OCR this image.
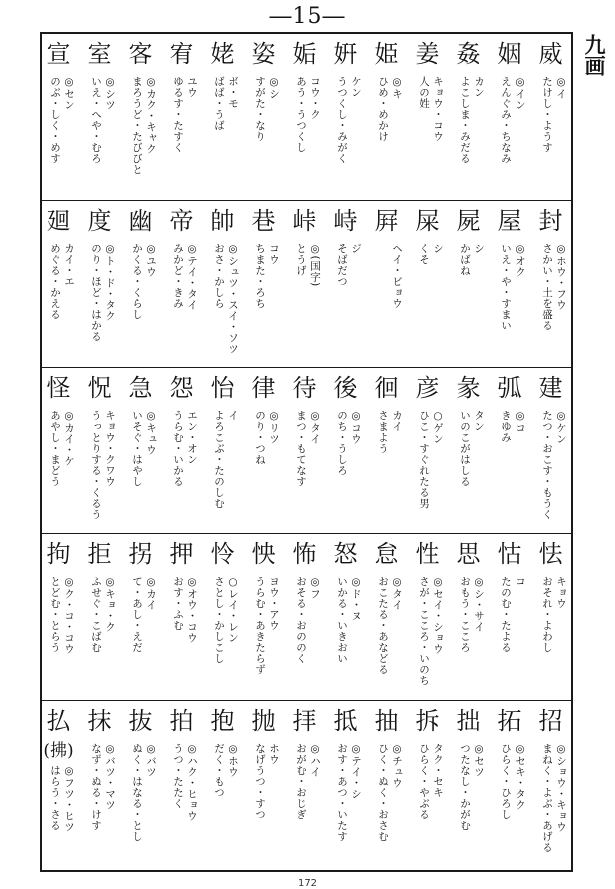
―15―
九画
威
◎イ
たけし・ようす
姻
◎イン
えんぐみ・ちなみ
姦
カン
よこしま・みだる
姜
キョウ・コウ
人の姓
姫
◎キ
ひめ・めかけ
姸
ケン
うつくし・みがく
姤
コウ・ク
あう・うつくし
姿
◎シ
すがた・なり
姥
ボ・モ
ばば・うば
宥
ユウ
ゆるす・たすく
客
◎カク・キャク
まろうど・たびびと
室
◎シツ
いえ・へや・むろ
宣
◎セン
のぶ・しく・めす
封
◎ホウ・フウ
さかい・土を盛る
屋
◎オク
いえ・や・すまい
屍
シ
かばね
屎
シ
くそ
屛
ヘイ・ビョウ
峙
ジ
そばだつ
峠
◎(国字)
とうげ
巷
コウ
ちまた・ろち
帥
◎シュツ・スイ・ソツ
おさ・かしら
帝
◎テイ・タイ
みかど・きみ
幽
◎ユウ
かくる・くらし
度
◎ト・ド・タク
のり・ほど・はかる
廻
カイ・エ
めぐる・かえる
建
◎ケン
たつ・おこす・もうく
弧
◎コ
きゆみ
彖
タン
いのこがはしる
彦
○ゲン
ひこ・すぐれたる男
徊
カイ
さまよう
後
◎コウ
のち・うしろ
待
◎タイ
まつ・もてなす
律
◎リツ
のり・つね
怡
イ
よろこぶ・たのしむ
怨
エン・オン
うらむ・いかる
急
◎キュウ
いそぐ・はやし
怳
キョウ・クワウ
うっとりする・くるう
怪
◎カイ・ケ
あやし・まどう
怯
キョウ
おそれ・よわし
怙
コ
たのむ・たよる
思
◎シ・サイ
おもう・こころ
性
◎セイ・ショウ
さが・こころ・いのち
怠
◎タイ
おこたる・あなどる
怒
◎ド・ヌ
いかる・いきおい
怖
◎フ
おそる・おののく
怏
ヨウ・アウ
うらむ・あきたらず
怜
○レイ・レン
さとし・かしこし
押
◎オウ・コウ
おす・ふむ
拐
◎カイ
て・あし・えだ
拒
◎キョ・ク
ふせぐ・こばむ
拘
◎ク・コ・コウ
とどむ・とらう
招
◎ショウ・キョウ
まねく・よぶ・あげる
拓
◎セキ・タク
ひらく・ひろし
拙
◎セツ
つたなし・かがむ
拆
タク・セキ
ひらく・やぶる
抽
◎チュウ
ひく・ぬく・おさむ
抵
◎テイ・シ
おす・あつ・いたす
拝
◎ハイ
おがむ・おじぎ
抛
ホウ
なげうつ・すつ
抱
◎ホウ
だく・もつ
拍
◎ハク・ヒョウ
うつ・たたく
抜
◎バツ
ぬく・はなる・とし
抹
◎バツ・マツ
なず・ぬる・けす
払
(拂)
◎フツ・ヒツ
はらう・さる
172
